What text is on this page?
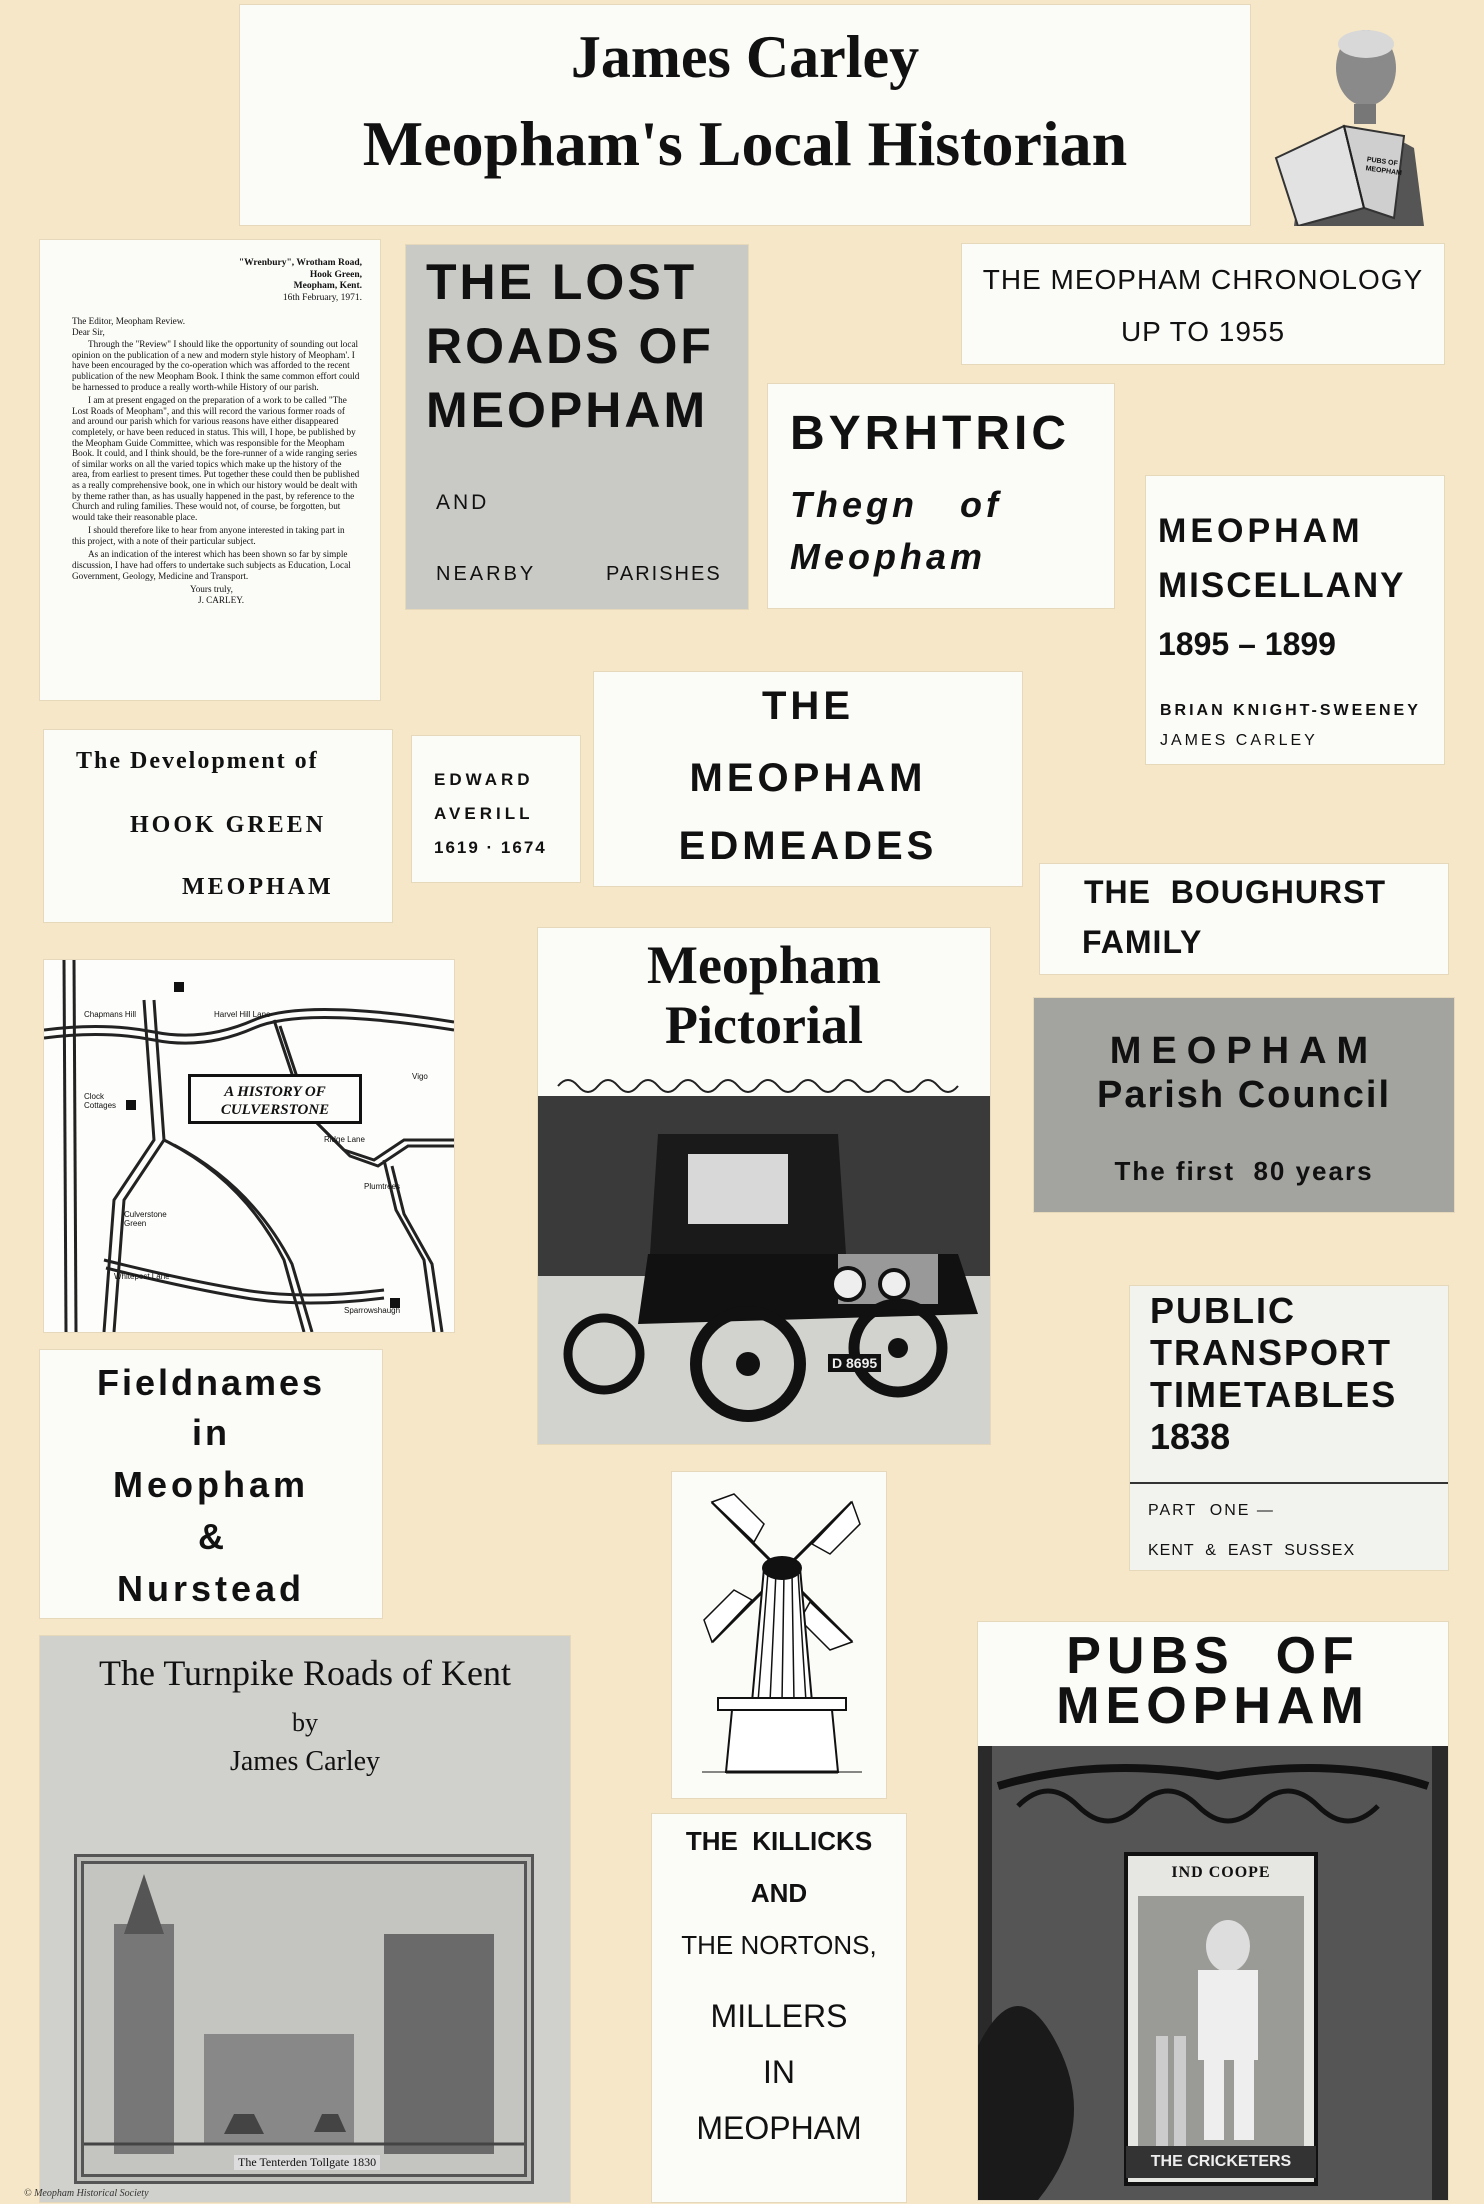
James Carley
Meopham's Local Historian	PUBS OF MEOPHAM
"Wrenbury", Wrotham Road,
Hook Green,
Meopham, Kent.
16th February, 1971.
The Editor, Meopham Review.
Dear Sir,

Through the "Review" I should like the opportunity of sounding out local opinion on the publication of a new and modern style history of Meopham'. I have been encouraged by the co-operation which was afforded to the recent publication of the new Meopham Book. I think the same common effort could be harnessed to produce a really worth-while History of our parish.

I am at present engaged on the preparation of a work to be called "The Lost Roads of Meopham", and this will record the various former roads of and around our parish which for various reasons have either disappeared completely, or have been reduced in status. This will, I hope, be published by the Meopham Guide Committee, which was responsible for the Meopham Book. It could, and I think should, be the fore-runner of a wide ranging series of similar works on all the varied topics which make up the history of the area, from earliest to present times. Put together these could then be published as a really comprehensive book, one in which our history would be dealt with by theme rather than, as has usually happened in the past, by reference to the Church and ruling families. These would not, of course, be forgotten, but would take their reasonable place.

I should therefore like to hear from anyone interested in taking part in this project, with a note of their particular subject.

As an indication of the interest which has been shown so far by simple discussion, I have had offers to undertake such subjects as Education, Local Government, Geology, Medicine and Transport.

Yours truly,
J. CARLEY.
THE LOST
ROADS OF
MEOPHAM
AND
NEARBY	PARISHES
THE MEOPHAM CHRONOLOGY
UP TO 1955
BYRHTRIC
Thegn   of
Meopham
MEOPHAM
MISCELLANY
1895 – 1899
BRIAN KNIGHT-SWEENEY
JAMES CARLEY
The Development of
HOOK GREEN
MEOPHAM
EDWARD
AVERILL
1619 · 1674
THE
MEOPHAM
EDMEADES
THE  BOUGHURST
FAMILY
MEOPHAM
Parish Council
The first  80 years
A HISTORY OF
CULVERSTONE
Chapmans Hill	Harvel Hill Lane
Clock Cottages
Ridge Lane
Culverstone Green
Whitepost Lane
Sparrowshaugh
Plumtrees
Vigo
Meopham
Pictorial
D 8695
PUBLIC
TRANSPORT
TIMETABLES
1838
PART  ONE —
KENT  &  EAST  SUSSEX
Fieldnames
in
Meopham
&
Nurstead
The Turnpike Roads of Kent
by
James Carley
The Tenterden Tollgate 1830
THE  KILLICKS
AND
THE NORTONS,
MILLERS
IN
MEOPHAM
PUBS  OF
MEOPHAM
IND COOPE
THE CRICKETERS
© Meopham Historical Society
